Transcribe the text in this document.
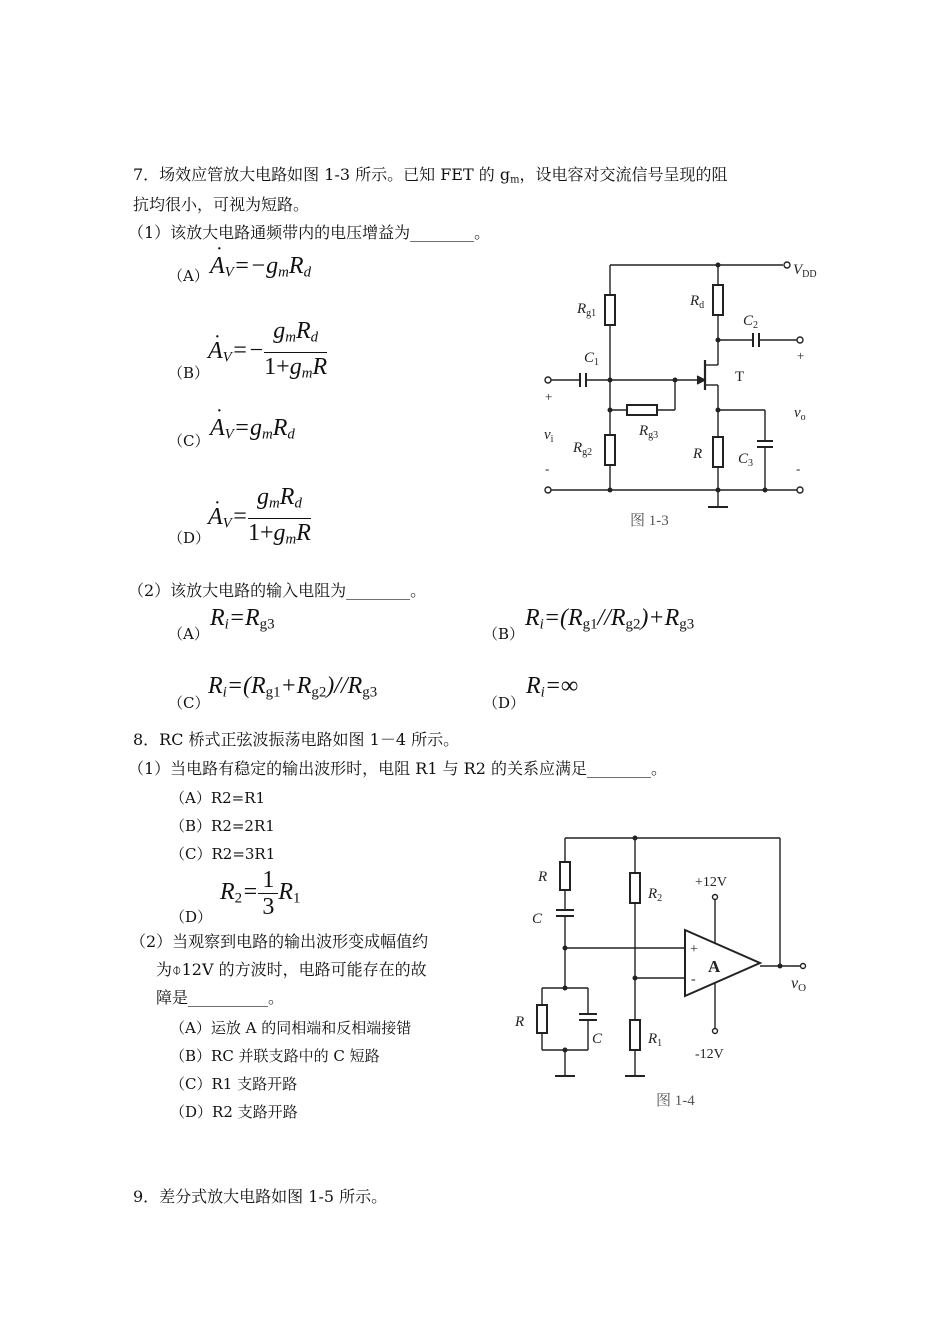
7．场效应管放大电路如图 1-3 所示。已知 FET 的 $g_m$，设电容对交流信号呈现的阻
抗均很小，可视为短路。
（1）该放大电路通频带内的电压增益为________。
（A） $A \cdot_V=-g_mR_d$
（B）
$A \cdot_V=- \frac{g_mR_d}{1+g_mR}$
（C） $A \cdot_V=g_mR_d$
（D）
$A \cdot_V= \frac{g_mR_d}{1+g_mR}$
（2）该放大电路的输入电阻为________。
（A）
$R_i=R_{g3}$
（B）
$R_i=(R_{g1}//R_{g2})+R_{g3}$
（C）
$R_i=(R_{g1}+R_{g2})//R_{g3}$
（D）
$R_i=\infty$
$V_{DD}$
$R_{g1}$
$R_d$
$C_2$
$C_1$
T
+
+
$v_o$
$v_i$
$R_{g3}$
$R_{g2}$	R $C_3$
-	-
图 1-3
8．RC 桥式正弦波振荡电路如图 1－4 所示。
（1）当电路有稳定的输出波形时，电阻 R1 与 R2 的关系应满足________。
（A）R2=R1
（B）R2=2R1
（C）R2=3R1
（D）
$R_2= \frac{1}{3} R_1$
（2）当观察到电路的输出波形变成幅值约
为⌽12V 的方波时，电路可能存在的故
障是__________。
（A）运放 A 的同相端和反相端接错
（B）RC 并联支路中的 C 短路
（C）R1 支路开路
（D）R2 支路开路
R
C
R
C
$R_2$
$R_1$
+12V
-12V
A
+
-	vO
图 1-4
9．差分式放大电路如图 1-5 所示。
